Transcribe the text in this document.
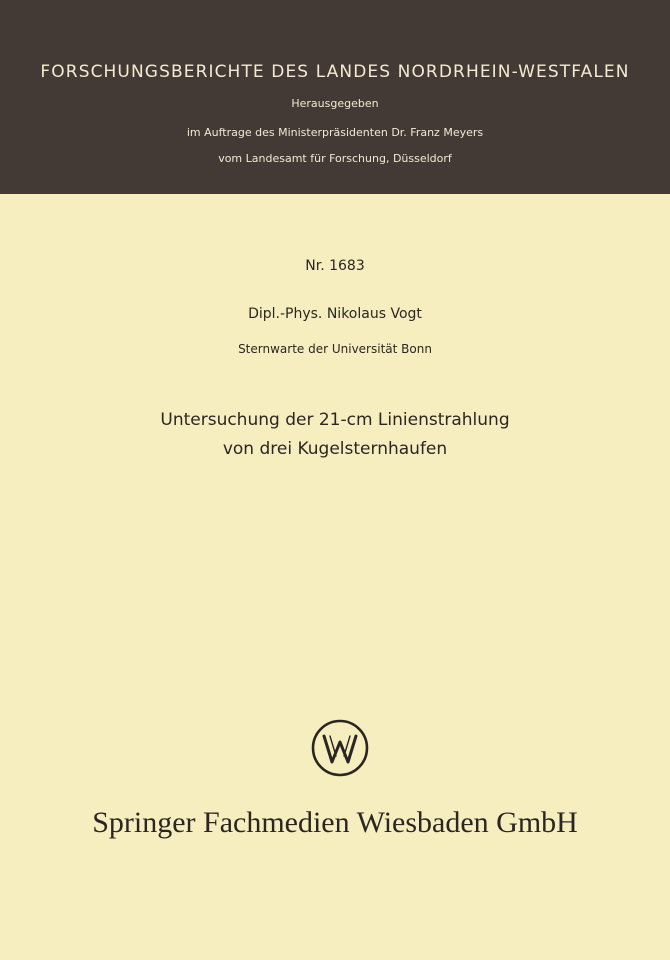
FORSCHUNGSBERICHTE DES LANDES NORDRHEIN-WESTFALEN
Herausgegeben
im Auftrage des Ministerpräsidenten Dr. Franz Meyers
vom Landesamt für Forschung, Düsseldorf
Nr. 1683
Dipl.-Phys. Nikolaus Vogt
Sternwarte der Universität Bonn
Untersuchung der 21-cm Linienstrahlung
von drei Kugelsternhaufen
Springer Fachmedien Wiesbaden GmbH
